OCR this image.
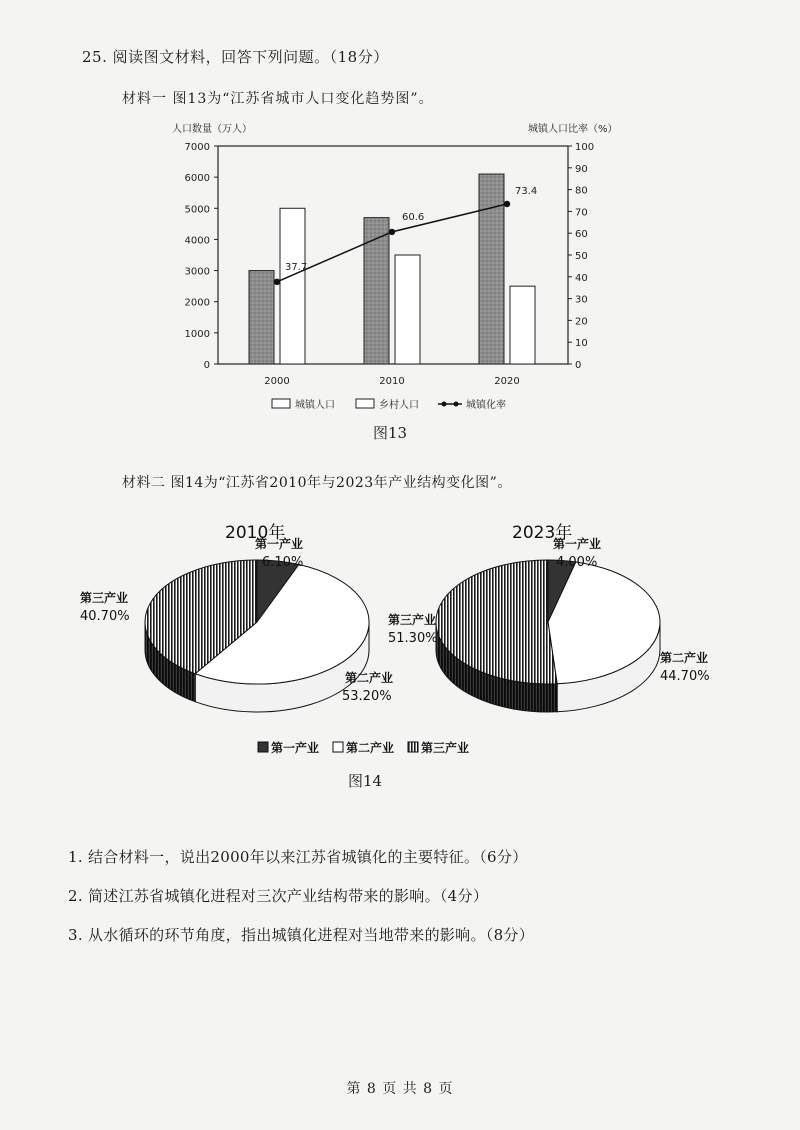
25. 阅读图文材料，回答下列问题。（18分）
材料一 图13为“江苏省城市人口变化趋势图”。
人口数量（万人）	城镇人口比率（%）
0
1000
2000
3000
4000
5000
6000
7000
0
10
20
30
40
50
60
70
80
90
100
2000	2010	2020
37.7
60.6
73.4
城镇人口	乡村人口	城镇化率
图13
材料二 图14为“江苏省2010年与2023年产业结构变化图”。
2010年
第一产业
6.10%
第二产业
53.20%
第三产业
40.70%
2023年
第一产业
4.00%
第二产业
44.70%
第三产业
51.30%
第一产业 第二产业 第三产业
图14
1. 结合材料一，说出2000年以来江苏省城镇化的主要特征。（6分）
2. 简述江苏省城镇化进程对三次产业结构带来的影响。（4分）
3. 从水循环的环节角度，指出城镇化进程对当地带来的影响。（8分）
第 8 页 共 8 页
